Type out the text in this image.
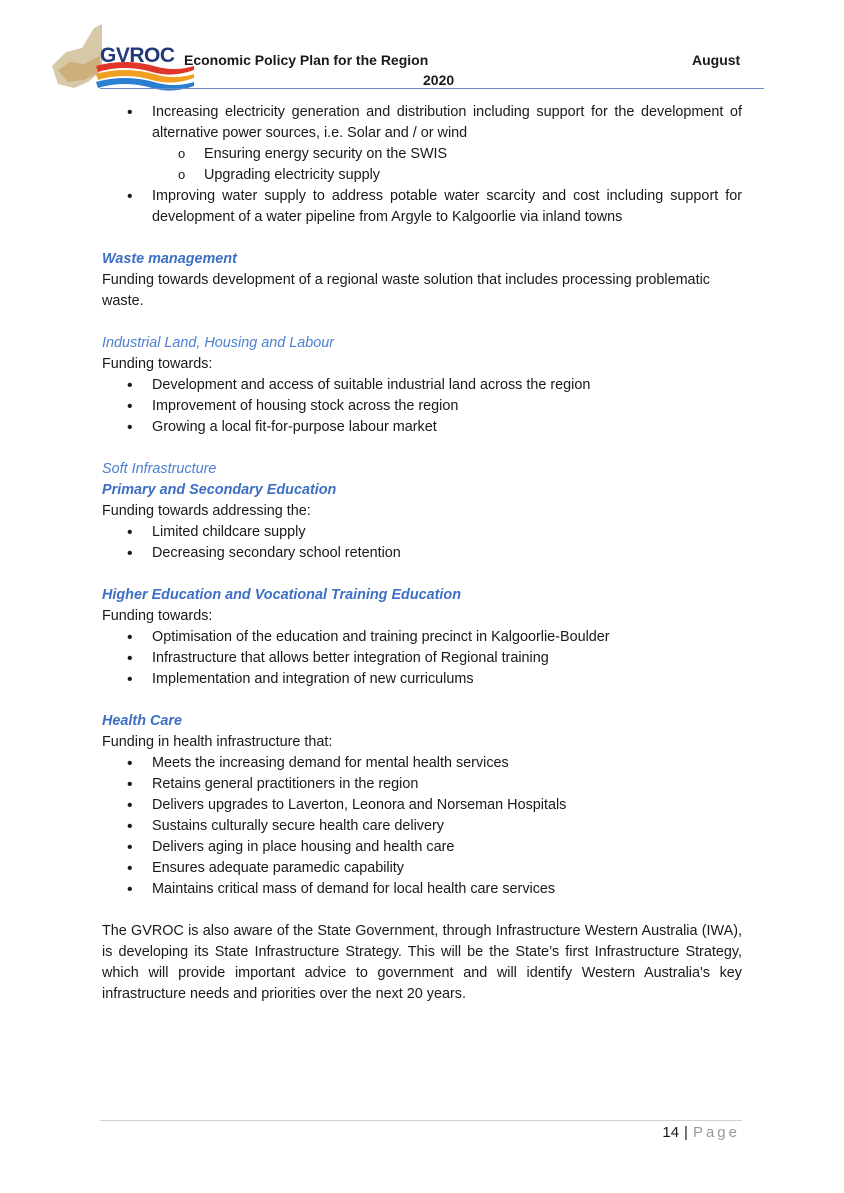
GVROC Economic Policy Plan for the Region	August
2020
• Increasing electricity generation and distribution including support for the development of alternative power sources, i.e. Solar and / or wind
o Ensuring energy security on the SWIS
o Upgrading electricity supply
• Improving water supply to address potable water scarcity and cost including support for development of a water pipeline from Argyle to Kalgoorlie via inland towns
Waste management

Funding towards development of a regional waste solution that includes processing problematic waste.

Industrial Land, Housing and Labour
Funding towards:
• Development and access of suitable industrial land across the region
• Improvement of housing stock across the region
• Growing a local fit-for-purpose labour market
Soft Infrastructure
Primary and Secondary Education
Funding towards addressing the:
• Limited childcare supply
• Decreasing secondary school retention
Higher Education and Vocational Training Education
Funding towards:
• Optimisation of the education and training precinct in Kalgoorlie-Boulder
• Infrastructure that allows better integration of Regional training
• Implementation and integration of new curriculums
Health Care
Funding in health infrastructure that:
• Meets the increasing demand for mental health services
• Retains general practitioners in the region
• Delivers upgrades to Laverton, Leonora and Norseman Hospitals
• Sustains culturally secure health care delivery
• Delivers aging in place housing and health care
• Ensures adequate paramedic capability
• Maintains critical mass of demand for local health care services

The GVROC is also aware of the State Government, through Infrastructure Western Australia (IWA), is developing its State Infrastructure Strategy. This will be the State’s first Infrastructure Strategy, which will provide important advice to government and will identify Western Australia's key infrastructure needs and priorities over the next 20 years.

14 | Page
